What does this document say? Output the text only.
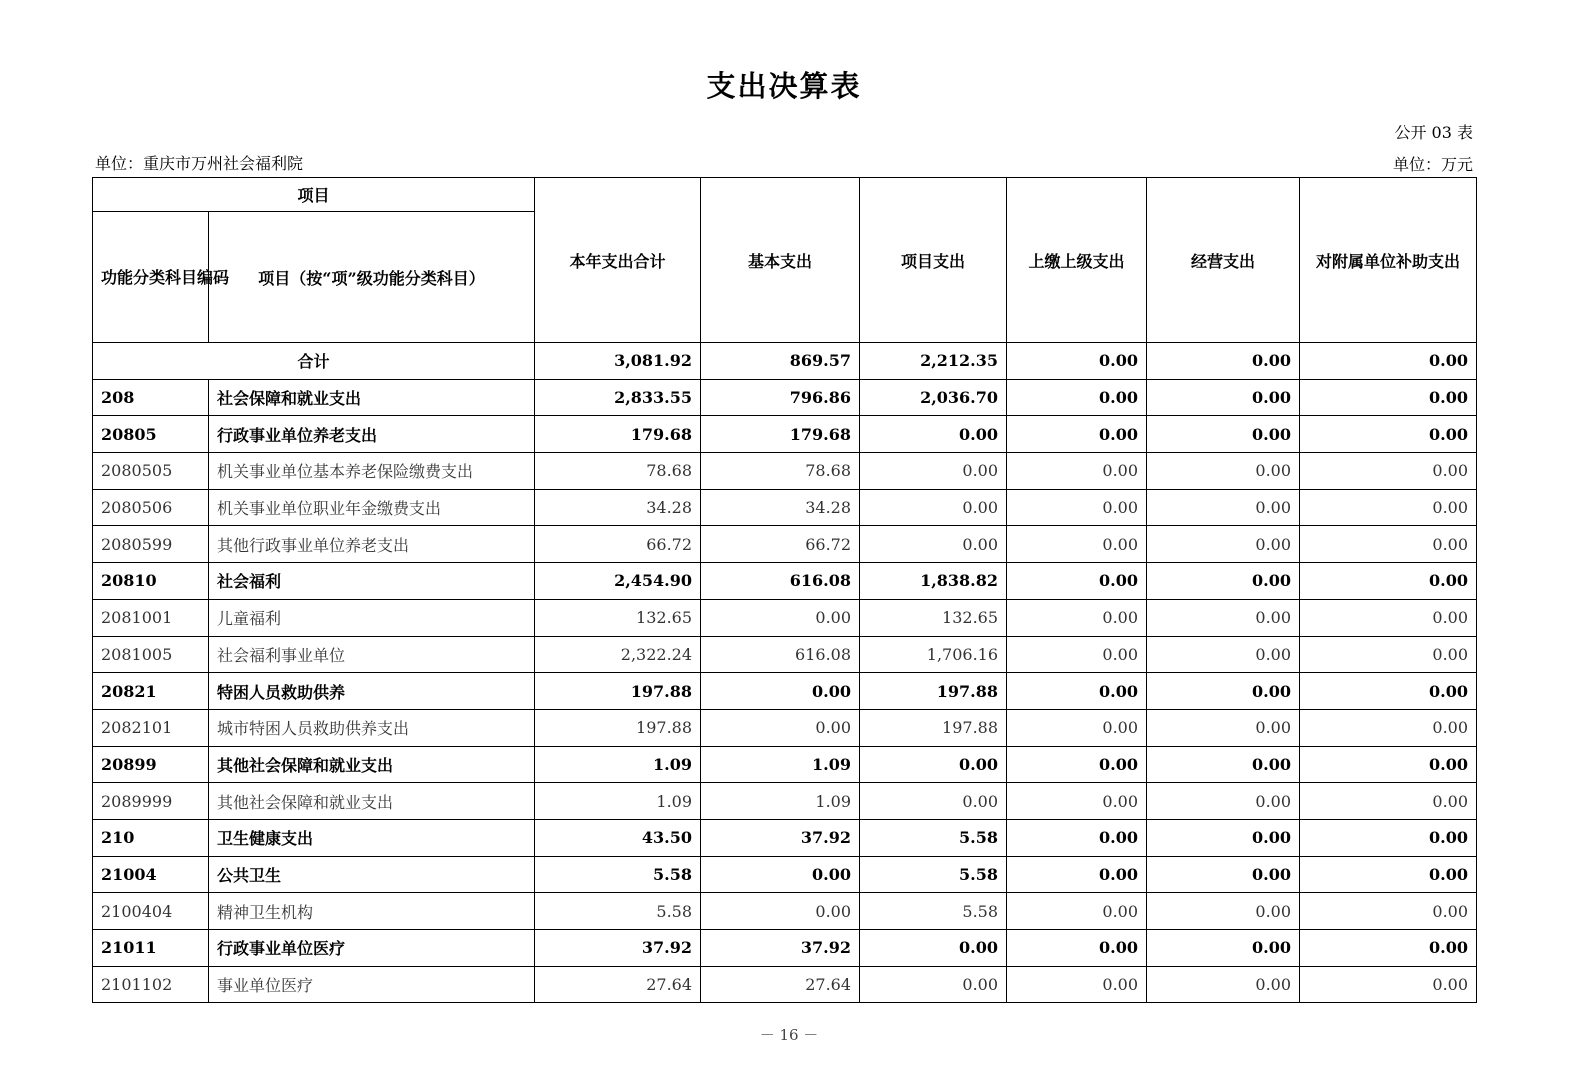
支出决算表
公开 03 表
单位：重庆市万州社会福利院	单位：万元
项目		本年支出合计	基本支出	项目支出	上缴上级支出	经营支出	对附属单位补助支出
功能分类科目编码	项目（按“项”级功能分类科目）						
合计		3,081.92	869.57	2,212.35	0.00	0.00	0.00
208	社会保障和就业支出	2,833.55	796.86	2,036.70	0.00	0.00	0.00
20805	行政事业单位养老支出	179.68	179.68	0.00	0.00	0.00	0.00
2080505	机关事业单位基本养老保险缴费支出	78.68	78.68	0.00	0.00	0.00	0.00
2080506	机关事业单位职业年金缴费支出	34.28	34.28	0.00	0.00	0.00	0.00
2080599	其他行政事业单位养老支出	66.72	66.72	0.00	0.00	0.00	0.00
20810	社会福利	2,454.90	616.08	1,838.82	0.00	0.00	0.00
2081001	儿童福利	132.65	0.00	132.65	0.00	0.00	0.00
2081005	社会福利事业单位	2,322.24	616.08	1,706.16	0.00	0.00	0.00
20821	特困人员救助供养	197.88	0.00	197.88	0.00	0.00	0.00
2082101	城市特困人员救助供养支出	197.88	0.00	197.88	0.00	0.00	0.00
20899	其他社会保障和就业支出	1.09	1.09	0.00	0.00	0.00	0.00
2089999	其他社会保障和就业支出	1.09	1.09	0.00	0.00	0.00	0.00
210	卫生健康支出	43.50	37.92	5.58	0.00	0.00	0.00
21004	公共卫生	5.58	0.00	5.58	0.00	0.00	0.00
2100404	精神卫生机构	5.58	0.00	5.58	0.00	0.00	0.00
21011	行政事业单位医疗	37.92	37.92	0.00	0.00	0.00	0.00
2101102	事业单位医疗	27.64	27.64	0.00	0.00	0.00	0.00
－ 16 －
